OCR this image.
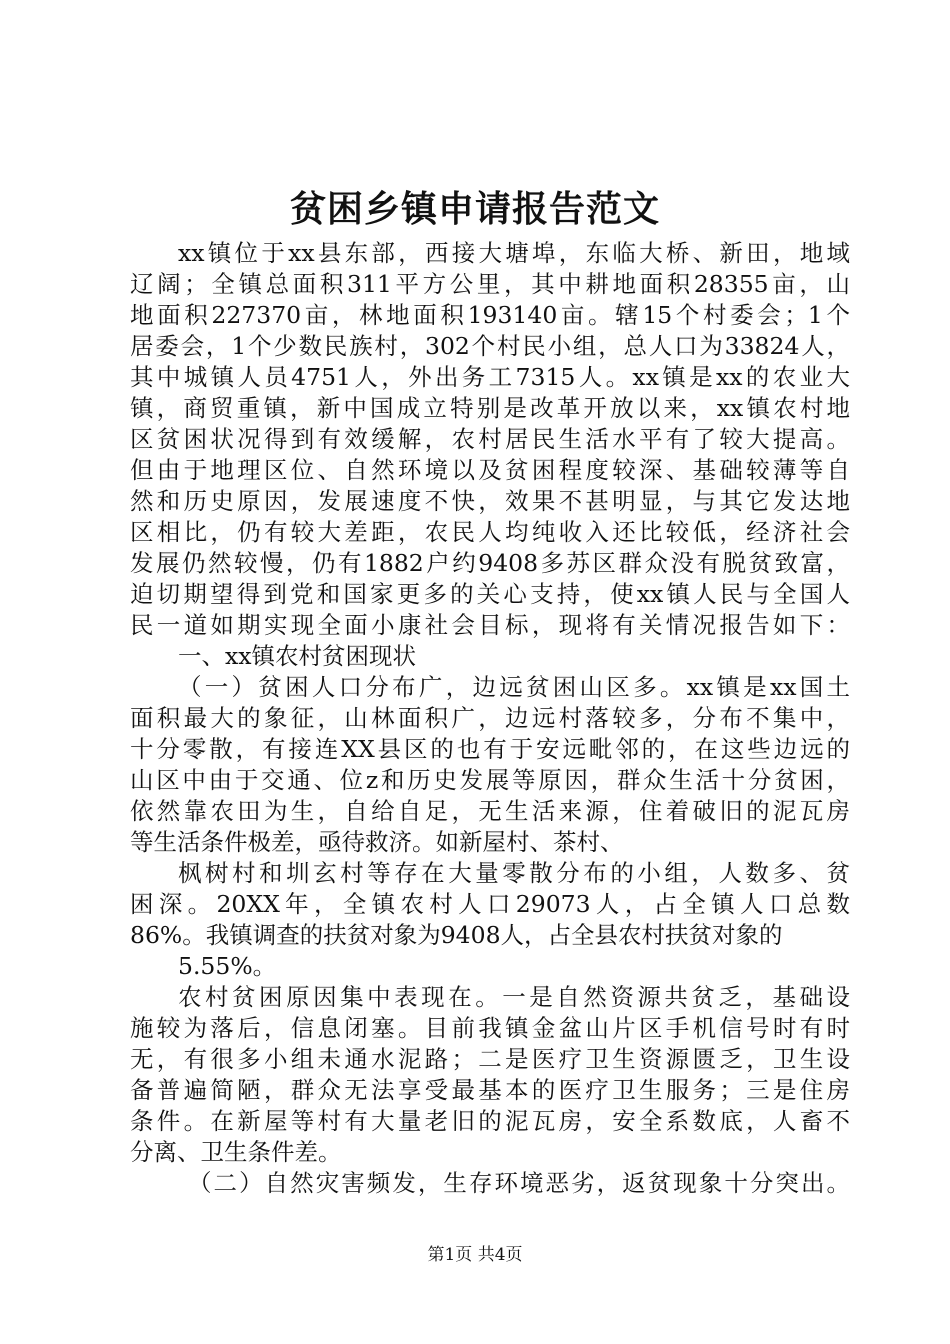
贫困乡镇申请报告范文
xx镇位于xx县东部，西接大塘埠，东临大桥、新田，地域
辽阔；全镇总面积311平方公里，其中耕地面积28355亩，山
地面积227370亩，林地面积193140亩。辖15个村委会；1个
居委会，1个少数民族村，302个村民小组，总人口为33824人，
其中城镇人员4751人，外出务工7315人。xx镇是xx的农业大
镇，商贸重镇，新中国成立特别是改革开放以来，xx镇农村地
区贫困状况得到有效缓解，农村居民生活水平有了较大提高。
但由于地理区位、自然环境以及贫困程度较深、基础较薄等自
然和历史原因，发展速度不快，效果不甚明显，与其它发达地
区相比，仍有较大差距，农民人均纯收入还比较低，经济社会
发展仍然较慢，仍有1882户约9408多苏区群众没有脱贫致富，
迫切期望得到党和国家更多的关心支持，使xx镇人民与全国人
民一道如期实现全面小康社会目标，现将有关情况报告如下：
一、xx镇农村贫困现状
（一）贫困人口分布广，边远贫困山区多。xx镇是xx国土
面积最大的象征，山林面积广，边远村落较多，分布不集中，
十分零散，有接连XX县区的也有于安远毗邻的，在这些边远的
山区中由于交通、位z和历史发展等原因，群众生活十分贫困，
依然靠农田为生，自给自足，无生活来源，住着破旧的泥瓦房
等生活条件极差，亟待救济。如新屋村、茶村、
枫树村和圳玄村等存在大量零散分布的小组，人数多、贫
困深。20XX年，全镇农村人口29073人，占全镇人口总数
86%。我镇调查的扶贫对象为9408人，占全县农村扶贫对象的
5.55%。
农村贫困原因集中表现在。一是自然资源共贫乏，基础设
施较为落后，信息闭塞。目前我镇金盆山片区手机信号时有时
无，有很多小组未通水泥路；二是医疗卫生资源匮乏，卫生设
备普遍简陋，群众无法享受最基本的医疗卫生服务；三是住房
条件。在新屋等村有大量老旧的泥瓦房，安全系数底，人畜不
分离、卫生条件差。
（二）自然灾害频发，生存环境恶劣，返贫现象十分突出。
第1页 共4页
